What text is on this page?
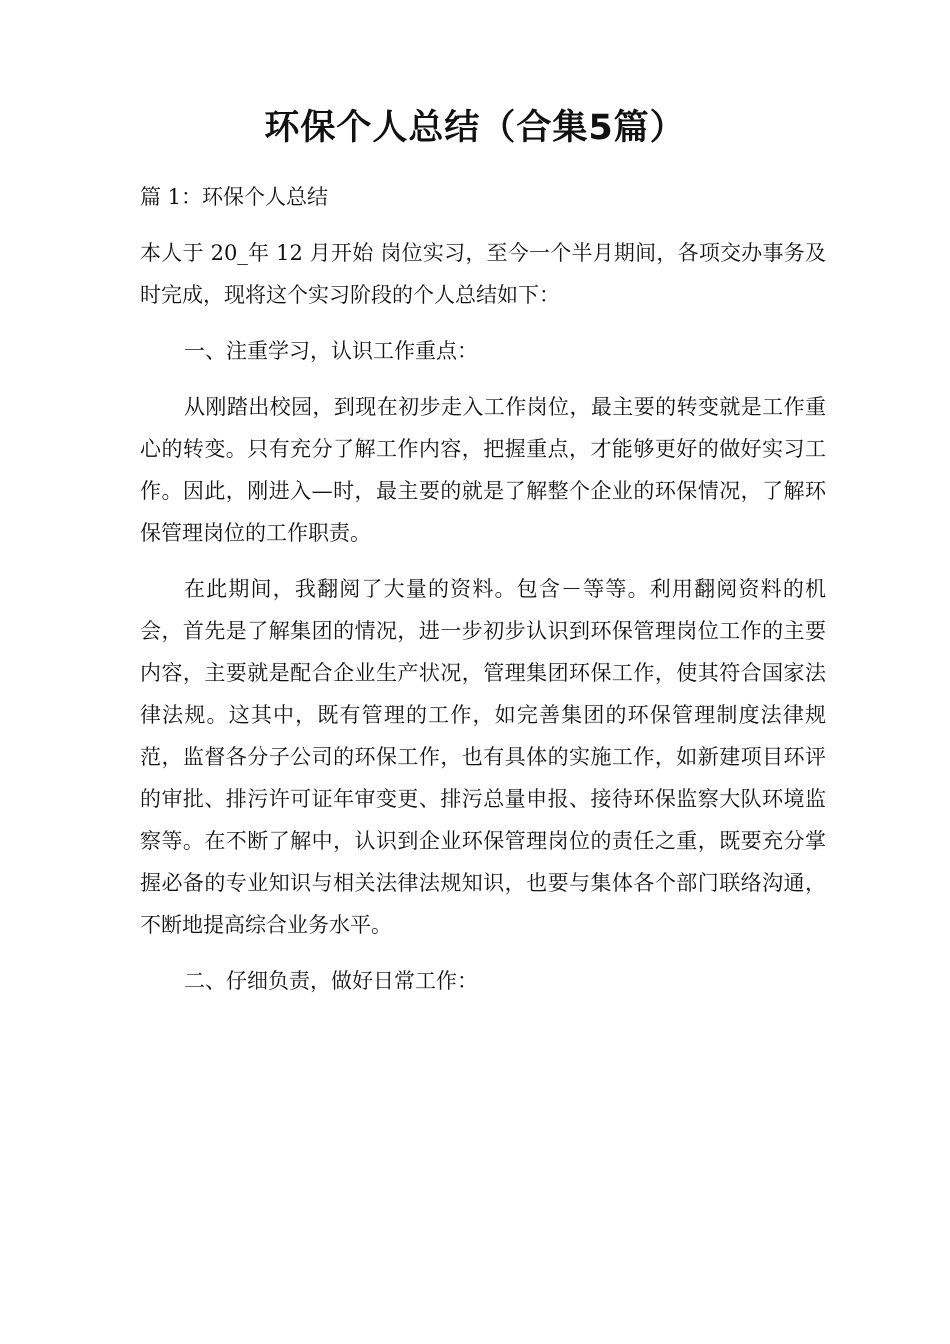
环保个人总结（合集5篇）

篇 1：环保个人总结

本人于 20_年 12 月开始 岗位实习，至今一个半月期间，各项交办事务及时完成，现将这个实习阶段的个人总结如下：

一、注重学习，认识工作重点：

从刚踏出校园，到现在初步走入工作岗位，最主要的转变就是工作重心的转变。只有充分了解工作内容，把握重点，才能够更好的做好实习工作。因此，刚进入—时，最主要的就是了解整个企业的环保情况，了解环保管理岗位的工作职责。

在此期间，我翻阅了大量的资料。包含－等等。利用翻阅资料的机会，首先是了解集团的情况，进一步初步认识到环保管理岗位工作的主要内容，主要就是配合企业生产状况，管理集团环保工作，使其符合国家法律法规。这其中，既有管理的工作，如完善集团的环保管理制度法律规范，监督各分子公司的环保工作，也有具体的实施工作，如新建项目环评的审批、排污许可证年审变更、排污总量申报、接待环保监察大队环境监察等。在不断了解中，认识到企业环保管理岗位的责任之重，既要充分掌握必备的专业知识与相关法律法规知识，也要与集体各个部门联络沟通，不断地提高综合业务水平。

二、仔细负责，做好日常工作：
